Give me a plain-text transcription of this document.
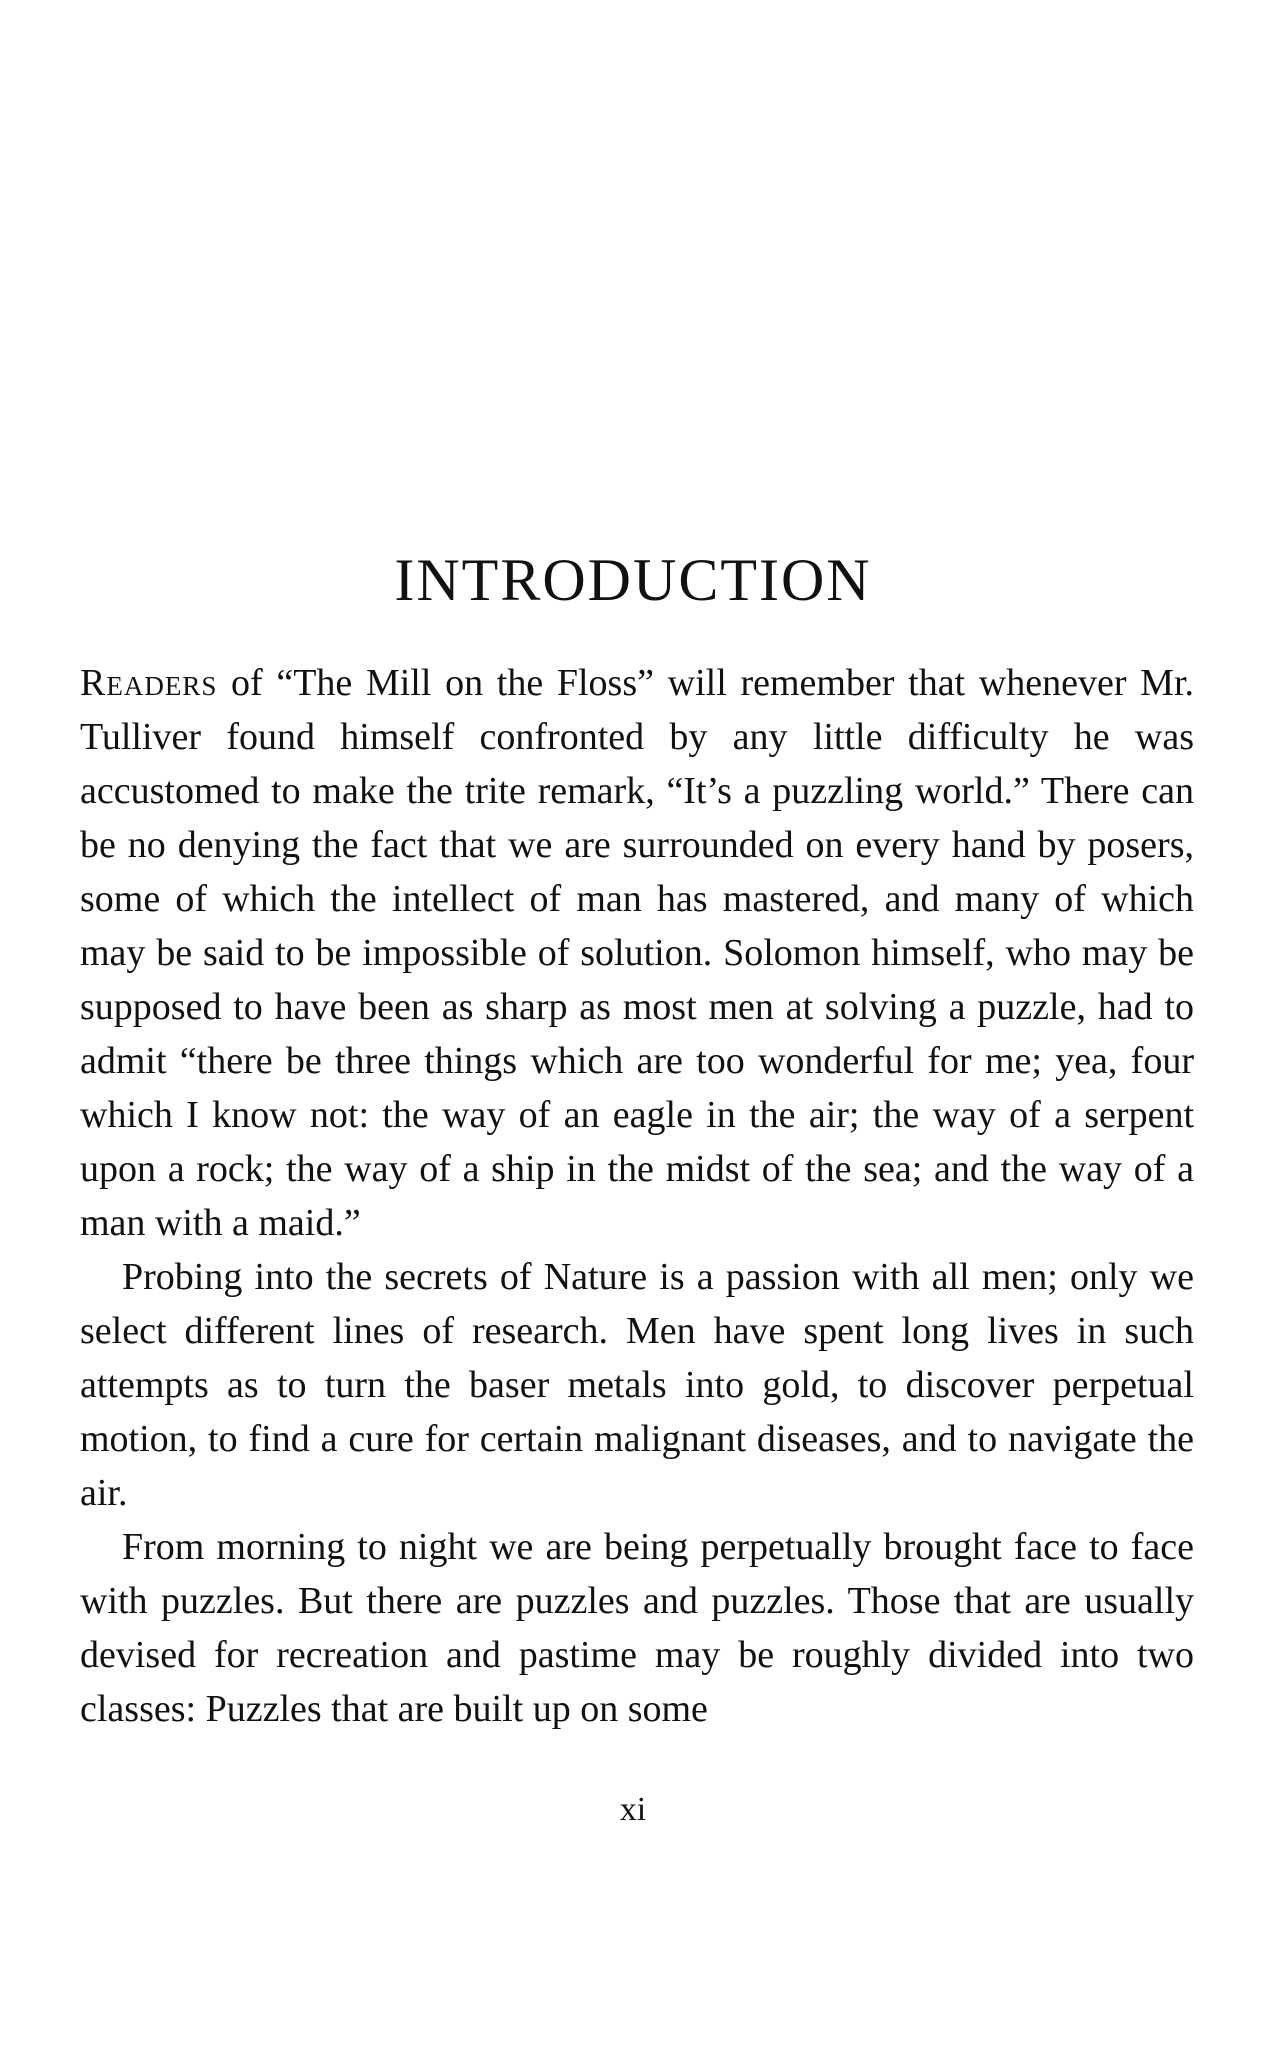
INTRODUCTION

Readers of “The Mill on the Floss” will remember that whenever Mr. Tulliver found himself confronted by any little difficulty he was accustomed to make the trite remark, “It’s a puzzling world.” There can be no denying the fact that we are surrounded on every hand by posers, some of which the intellect of man has mastered, and many of which may be said to be impossible of solution. Solomon himself, who may be supposed to have been as sharp as most men at solving a puzzle, had to admit “there be three things which are too wonderful for me; yea, four which I know not: the way of an eagle in the air; the way of a serpent upon a rock; the way of a ship in the midst of the sea; and the way of a man with a maid.”

Probing into the secrets of Nature is a passion with all men; only we select different lines of research. Men have spent long lives in such attempts as to turn the baser metals into gold, to discover perpetual motion, to find a cure for certain malignant diseases, and to navigate the air.

From morning to night we are being perpetually brought face to face with puzzles. But there are puzzles and puzzles. Those that are usually devised for recreation and pastime may be roughly divided into two classes: Puzzles that are built up on some

xi
